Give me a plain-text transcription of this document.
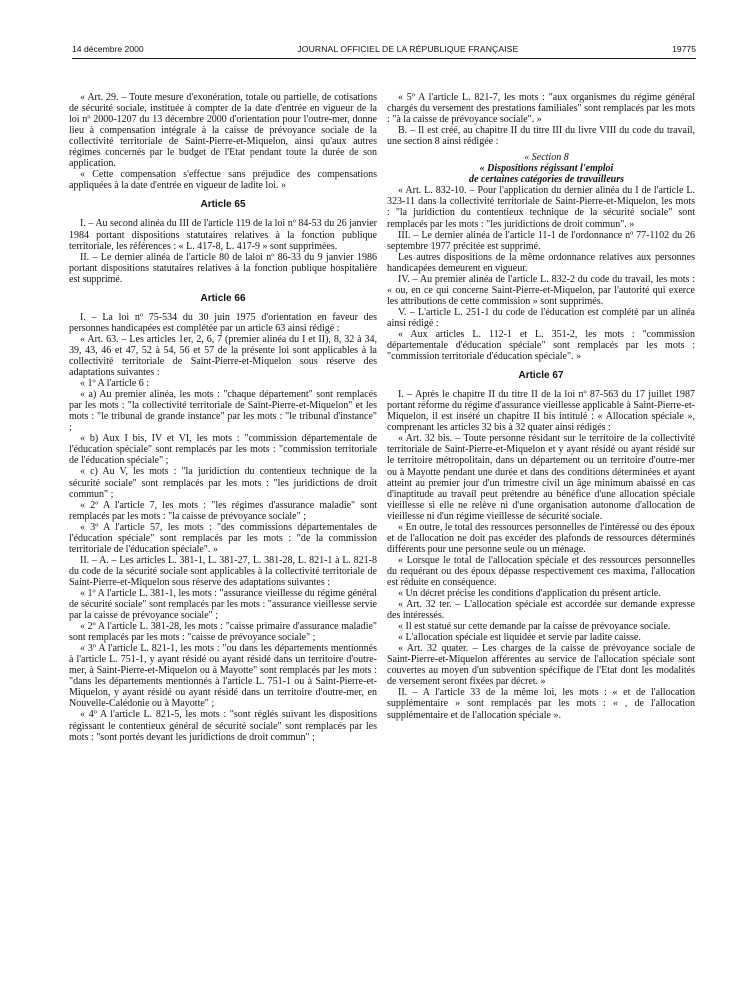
14 décembre 2000	JOURNAL OFFICIEL DE LA RÉPUBLIQUE FRANÇAISE	19775

« Art. 29. – Toute mesure d'exonération, totale ou partielle, de cotisations de sécurité sociale, instituée à compter de la date d'entrée en vigueur de la loi nº 2000-1207 du 13 décembre 2000 d'orientation pour l'outre-mer, donne lieu à compensation intégrale à la caisse de prévoyance sociale de la collectivité territoriale de Saint-Pierre-et-Miquelon, ainsi qu'aux autres régimes concernés par le budget de l'Etat pendant toute la durée de son application.

« Cette compensation s'effectue sans préjudice des compensations appliquées à la date d'entrée en vigueur de ladite loi. »

Article 65

I. – Au second alinéa du III de l'article 119 de la loi nº 84-53 du 26 janvier 1984 portant dispositions statutaires relatives à la fonction publique territoriale, les références : « L. 417-8, L. 417-9 » sont supprimées.

II. – Le dernier alinéa de l'article 80 de laloi nº 86-33 du 9 janvier 1986 portant dispositions statutaires relatives à la fonction publique hospitalière est supprimé.

Article 66

I. – La loi nº 75-534 du 30 juin 1975 d'orientation en faveur des personnes handicapées est complétée par un article 63 ainsi rédigé :

« Art. 63. – Les articles 1er, 2, 6, 7 (premier alinéa du I et II), 8, 32 à 34, 39, 43, 46 et 47, 52 à 54, 56 et 57 de la présente loi sont applicables à la collectivité territoriale de Saint-Pierre-et-Miquelon sous réserve des adaptations suivantes :

« 1º A l'article 6 :

« a) Au premier alinéa, les mots : "chaque département" sont remplacés par les mots : "la collectivité territoriale de Saint-Pierre-et-Miquelon" et les mots : "le tribunal de grande instance" par les mots : "le tribunal d'instance" ;

« b) Aux I bis, IV et VI, les mots : "commission départementale de l'éducation spéciale" sont remplacés par les mots : "commission territoriale de l'éducation spéciale" ;

« c) Au V, les mots : "la juridiction du contentieux technique de la sécurité sociale" sont remplacés par les mots : "les juridictions de droit commun" ;

« 2º A l'article 7, les mots : "les régimes d'assurance maladie" sont remplacés par les mots : "la caisse de prévoyance sociale" ;

« 3º A l'article 57, les mots : "des commissions départementales de l'éducation spéciale" sont remplacés par les mots : "de la commission territoriale de l'éducation spéciale". »

II. – A. – Les articles L. 381-1, L. 381-27, L. 381-28, L. 821-1 à L. 821-8 du code de la sécurité sociale sont applicables à la collectivité territoriale de Saint-Pierre-et-Miquelon sous réserve des adaptations suivantes :

« 1º A l'article L. 381-1, les mots : "assurance vieillesse du régime général de sécurité sociale" sont remplacés par les mots : "assurance vieillesse servie par la caisse de prévoyance sociale" ;

« 2º A l'article L. 381-28, les mots : "caisse primaire d'assurance maladie" sont remplacés par les mots : "caisse de prévoyance sociale" ;

« 3º A l'article L. 821-1, les mots : "ou dans les départements mentionnés à l'article L. 751-1, y ayant résidé ou ayant résidé dans un territoire d'outre-mer, à Saint-Pierre-et-Miquelon ou à Mayotte" sont remplacés par les mots : "dans les départements mentionnés à l'article L. 751-1 ou à Saint-Pierre-et-Miquelon, y ayant résidé ou ayant résidé dans un territoire d'outre-mer, en Nouvelle-Calédonie ou à Mayotte" ;

« 4º A l'article L. 821-5, les mots : "sont réglés suivant les dispositions régissant le contentieux général de sécurité sociale" sont remplacés par les mots : "sont portés devant les juridictions de droit commun" ;

« 5º A l'article L. 821-7, les mots : "aux organismes du régime général chargés du versement des prestations familiales" sont remplacés par les mots : "à la caisse de prévoyance sociale". »

B. – Il est créé, au chapitre II du titre III du livre VIII du code du travail, une section 8 ainsi rédigée :

« Section 8

« Dispositions régissant l'emploi

de certaines catégories de travailleurs

« Art. L. 832-10. – Pour l'application du dernier alinéa du I de l'article L. 323-11 dans la collectivité territoriale de Saint-Pierre-et-Miquelon, les mots : "la juridiction du contentieux technique de la sécurité sociale" sont remplacés par les mots : "les juridictions de droit commun". »

III. – Le dernier alinéa de l'article 11-1 de l'ordonnance nº 77-1102 du 26 septembre 1977 précitée est supprimé.

Les autres dispositions de la même ordonnance relatives aux personnes handicapées demeurent en vigueur.

IV. – Au premier alinéa de l'article L. 832-2 du code du travail, les mots : « ou, en ce qui concerne Saint-Pierre-et-Miquelon, par l'autorité qui exerce les attributions de cette commission » sont supprimés.

V. – L'article L. 251-1 du code de l'éducation est complété par un alinéa ainsi rédigé :

« Aux articles L. 112-1 et L. 351-2, les mots : "commission départementale d'éducation spéciale" sont remplacés par les mots : "commission territoriale d'éducation spéciale". »

Article 67

I. – Après le chapitre II du titre II de la loi nº 87-563 du 17 juillet 1987 portant réforme du régime d'assurance vieillesse applicable à Saint-Pierre-et-Miquelon, il est inséré un chapitre II bis intitulé : « Allocation spéciale », comprenant les articles 32 bis à 32 quater ainsi rédigés :

« Art. 32 bis. – Toute personne résidant sur le territoire de la collectivité territoriale de Saint-Pierre-et-Miquelon et y ayant résidé ou ayant résidé sur le territoire métropolitain, dans un département ou un territoire d'outre-mer ou à Mayotte pendant une durée et dans des conditions déterminées et ayant atteint au premier jour d'un trimestre civil un âge minimum abaissé en cas d'inaptitude au travail peut prétendre au bénéfice d'une allocation spéciale vieillesse si elle ne relève ni d'une organisation autonome d'allocation de vieillesse ni d'un régime vieillesse de sécurité sociale.

« En outre, le total des ressources personnelles de l'intéressé ou des époux et de l'allocation ne doit pas excéder des plafonds de ressources déterminés différents pour une personne seule ou un ménage.

« Lorsque le total de l'allocation spéciale et des ressources personnelles du requérant ou des époux dépasse respectivement ces maxima, l'allocation est réduite en conséquence.

« Un décret précise les conditions d'application du présent article.

« Art. 32 ter. – L'allocation spéciale est accordée sur demande expresse des intéressés.

« Il est statué sur cette demande par la caisse de prévoyance sociale.

« L'allocation spéciale est liquidée et servie par ladite caisse.

« Art. 32 quater. – Les charges de la caisse de prévoyance sociale de Saint-Pierre-et-Miquelon afférentes au service de l'allocation spéciale sont couvertes au moyen d'un subvention spécifique de l'Etat dont les modalités de versement seront fixées par décret. »

II. – A l'article 33 de la même loi, les mots : « et de l'allocation supplémentaire » sont remplacés par les mots : « , de l'allocation supplémentaire et de l'allocation spéciale ».
